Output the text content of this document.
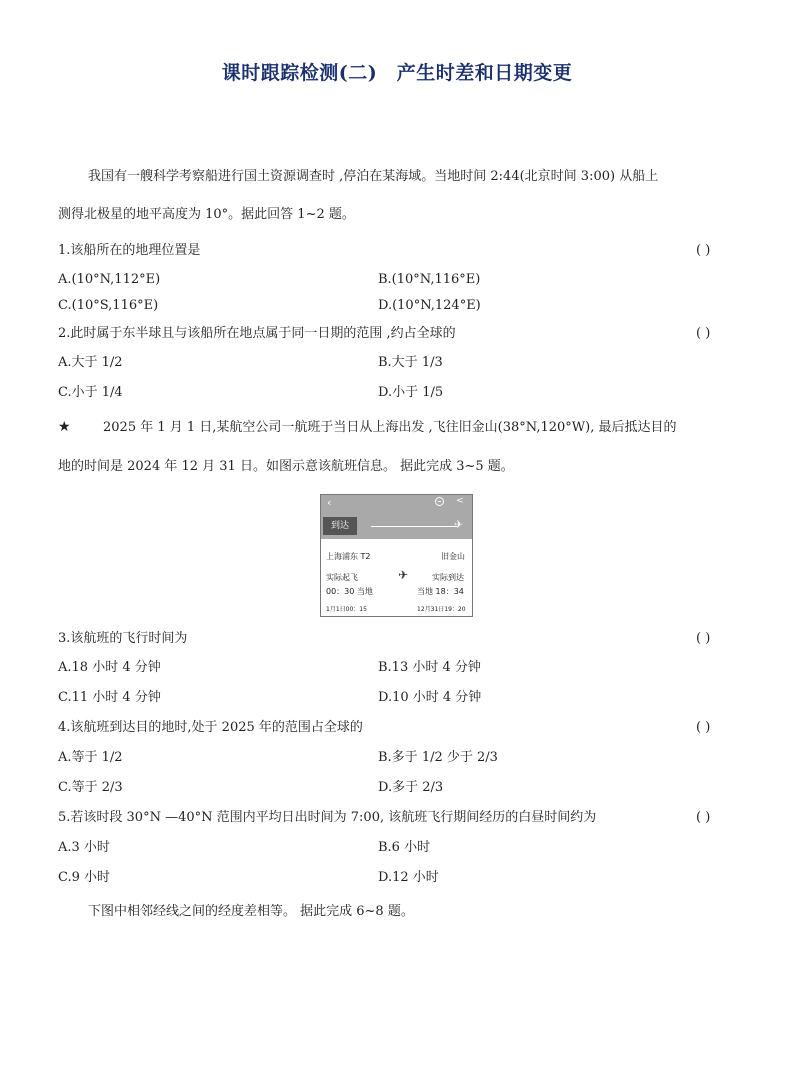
课时跟踪检测(二)　产生时差和日期变更
我国有一艘科学考察船进行国土资源调查时 ,停泊在某海域。当地时间 2:44(北京时间 3:00) 从船上
测得北极星的地平高度为 10°。据此回答 1~2 题。
1.该船所在的地理位置是	( )
A.(10°N,112°E)	B.(10°N,116°E)
C.(10°S,116°E)	D.(10°N,124°E)
2.此时属于东半球且与该船所在地点属于同一日期的范围 ,约占全球的	( )
A.大于 1/2	B.大于 1/3
C.小于 1/4	D.小于 1/5
★ 2025 年 1 月 1 日,某航空公司一航班于当日从上海出发 ,飞往旧金山(38°N,120°W), 最后抵达目的
地的时间是 2024 年 12 月 31 日。如图示意该航班信息。 据此完成 3~5 题。
‹	<
到达	✈
上海浦东 T2	旧金山
实际起飞	✈	实际到达
00：30 当地	当地 18：34
1月1日00：15	12月31日19：20
3.该航班的飞行时间为	( )
A.18 小时 4 分钟	B.13 小时 4 分钟
C.11 小时 4 分钟	D.10 小时 4 分钟
4.该航班到达目的地时,处于 2025 年的范围占全球的	( )
A.等于 1/2	B.多于 1/2 少于 2/3
C.等于 2/3	D.多于 2/3
5.若该时段 30°N —40°N 范围内平均日出时间为 7:00, 该航班飞行期间经历的白昼时间约为	( )
A.3 小时	B.6 小时
C.9 小时	D.12 小时
下图中相邻经线之间的经度差相等。 据此完成 6~8 题。
